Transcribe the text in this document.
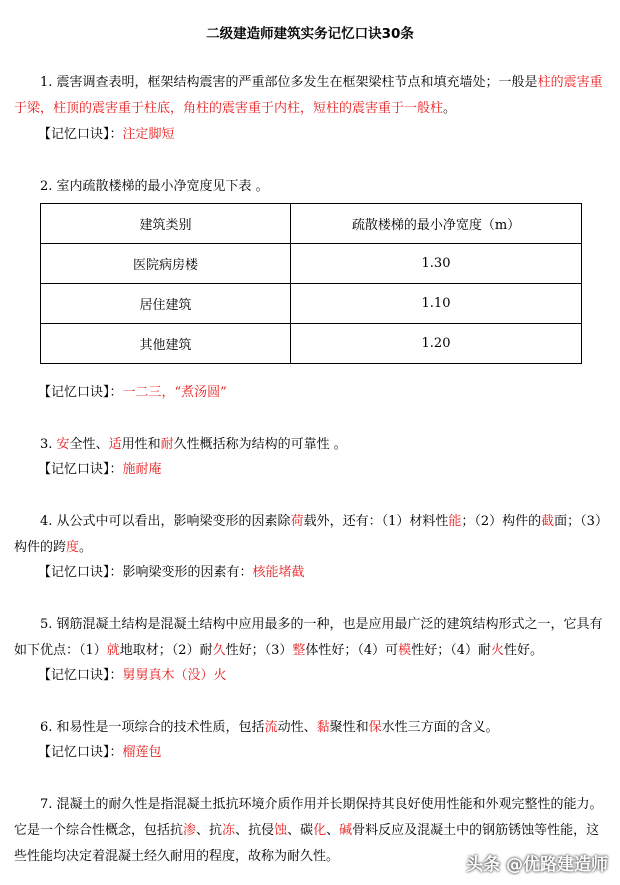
二级建造师建筑实务记忆口诀30条
1. 震害调查表明，框架结构震害的严重部位多发生在框架梁柱节点和填充墙处；一般是柱的震害重于梁，柱顶的震害重于柱底，角柱的震害重于内柱，短柱的震害重于一般柱。
【记忆口诀】：注定脚短
2. 室内疏散楼梯的最小净宽度见下表 。
建筑类别	疏散楼梯的最小净宽度（m）
医院病房楼	1.30
居住建筑	1.10
其他建筑	1.20
【记忆口诀】：一二三，“煮汤圆”
3. 安全性、适用性和耐久性概括称为结构的可靠性 。
【记忆口诀】：施耐庵
4. 从公式中可以看出，影响梁变形的因素除荷载外，还有：（1）材料性能；（2）构件的截面；（3）构件的跨度。
【记忆口诀】：影响梁变形的因素有：核能堵截
5. 钢筋混凝土结构是混凝土结构中应用最多的一种，也是应用最广泛的建筑结构形式之一，它具有如下优点：（1）就地取材；（2）耐久性好；（3）整体性好；（4）可模性好；（4）耐火性好。
【记忆口诀】：舅舅真木（没）火
6. 和易性是一项综合的技术性质，包括流动性、黏聚性和保水性三方面的含义。
【记忆口诀】：榴莲包
7. 混凝土的耐久性是指混凝土抵抗环境介质作用并长期保持其良好使用性能和外观完整性的能力。它是一个综合性概念，包括抗渗、抗冻、抗侵蚀、碳化、碱骨料反应及混凝土中的钢筋锈蚀等性能，这些性能均决定着混凝土经久耐用的程度，故称为耐久性。	头条 @优路建造师
